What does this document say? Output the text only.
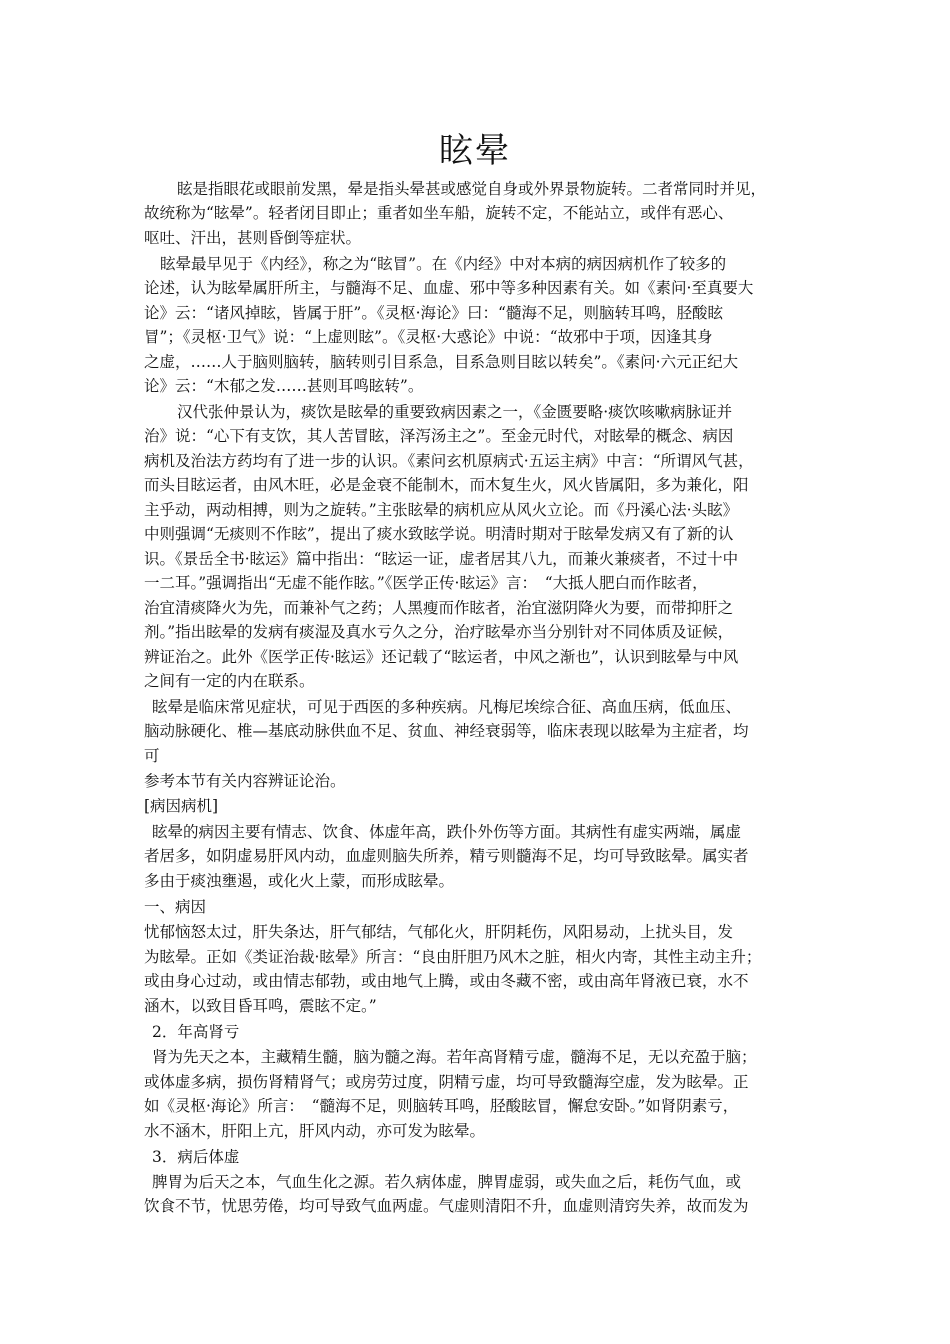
眩晕
眩是指眼花或眼前发黑，晕是指头晕甚或感觉自身或外界景物旋转。二者常同时并见，
故统称为“眩晕”。轻者闭目即止；重者如坐车船，旋转不定，不能站立，或伴有恶心、
呕吐、汗出，甚则昏倒等症状。
眩晕最早见于《内经》，称之为“眩冒”。在《内经》中对本病的病因病机作了较多的
论述，认为眩晕属肝所主，与髓海不足、血虚、邪中等多种因素有关。如《素问·至真要大
论》云：“诸风掉眩，皆属于肝”。《灵枢·海论》曰：“髓海不足，则脑转耳鸣，胫酸眩
冒”；《灵枢·卫气》说：“上虚则眩”。《灵枢·大惑论》中说：“故邪中于项，因逢其身
之虚，……人于脑则脑转，脑转则引目系急，目系急则目眩以转矣”。《素问·六元正纪大
论》云：“木郁之发……甚则耳鸣眩转”。
汉代张仲景认为，痰饮是眩晕的重要致病因素之一，《金匮要略·痰饮咳嗽病脉证并
治》说：“心下有支饮，其人苦冒眩，泽泻汤主之”。至金元时代，对眩晕的概念、病因
病机及治法方药均有了进一步的认识。《素问玄机原病式·五运主病》中言：“所谓风气甚，
而头目眩运者，由风木旺，必是金衰不能制木，而木复生火，风火皆属阳，多为兼化，阳
主乎动，两动相搏，则为之旋转。”主张眩晕的病机应从风火立论。而《丹溪心法·头眩》
中则强调“无痰则不作眩”，提出了痰水致眩学说。明清时期对于眩晕发病又有了新的认
识。《景岳全书·眩运》篇中指出：“眩运一证，虚者居其八九，而兼火兼痰者，不过十中
一二耳。”强调指出“无虚不能作眩。”《医学正传·眩运》言：　“大抵人肥白而作眩者，
治宜清痰降火为先，而兼补气之药；人黑瘦而作眩者，治宜滋阴降火为要，而带抑肝之
剂。”指出眩晕的发病有痰湿及真水亏久之分，治疗眩晕亦当分别针对不同体质及证候，
辨证治之。此外《医学正传·眩运》还记载了“眩运者，中风之渐也”，认识到眩晕与中风
之间有一定的内在联系。
眩晕是临床常见症状，可见于西医的多种疾病。凡梅尼埃综合征、高血压病，低血压、
脑动脉硬化、椎—基底动脉供血不足、贫血、神经衰弱等，临床表现以眩晕为主症者，均
可
参考本节有关内容辨证论治。
[病因病机]
眩晕的病因主要有情志、饮食、体虚年高，跌仆外伤等方面。其病性有虚实两端，属虚
者居多，如阴虚易肝风内动，血虚则脑失所养，精亏则髓海不足，均可导致眩晕。属实者
多由于痰浊壅遏，或化火上蒙，而形成眩晕。
一、病因
忧郁恼怒太过，肝失条达，肝气郁结，气郁化火，肝阴耗伤，风阳易动，上扰头目，发
为眩晕。正如《类证治裁·眩晕》所言：“良由肝胆乃风木之脏，相火内寄，其性主动主升；
或由身心过动，或由情志郁勃，或由地气上腾，或由冬藏不密，或由高年肾液已衰，水不
涵木，以致目昏耳鸣，震眩不定。”
2．年高肾亏
肾为先天之本，主藏精生髓，脑为髓之海。若年高肾精亏虚，髓海不足，无以充盈于脑；
或体虚多病，损伤肾精肾气；或房劳过度，阴精亏虚，均可导致髓海空虚，发为眩晕。正
如《灵枢·海论》所言：　“髓海不足，则脑转耳鸣，胫酸眩冒，懈怠安卧。”如肾阴素亏，
水不涵木，肝阳上亢，肝风内动，亦可发为眩晕。
3．病后体虚
脾胃为后天之本，气血生化之源。若久病体虚，脾胃虚弱，或失血之后，耗伤气血，或
饮食不节，忧思劳倦，均可导致气血两虚。气虚则清阳不升，血虚则清窍失养，故而发为
